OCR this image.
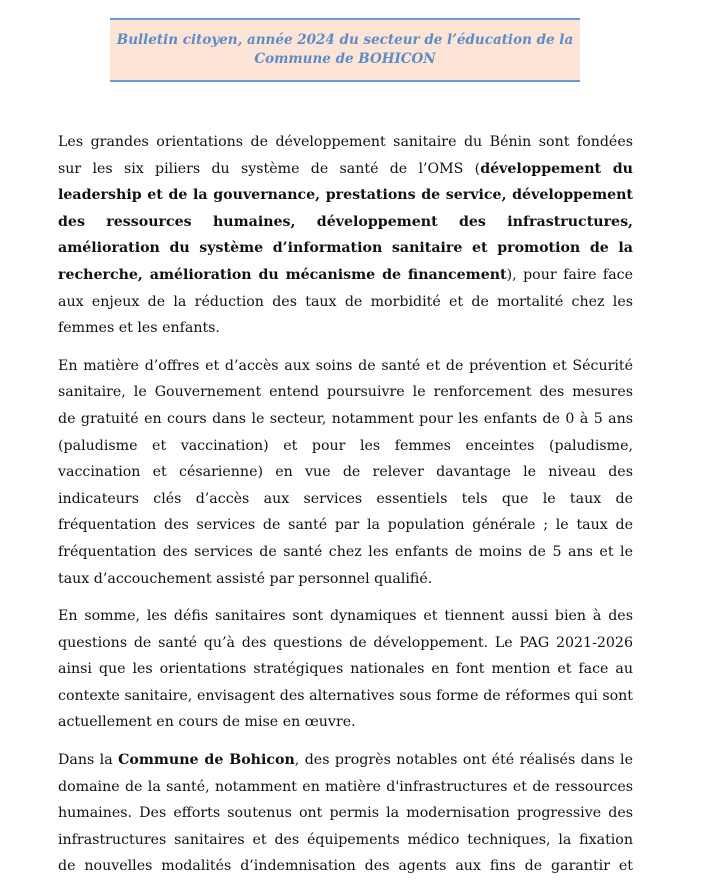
Bulletin citoyen, année 2024 du secteur de l’éducation de la
Commune de BOHICON
Les grandes orientations de développement sanitaire du Bénin sont fondées
sur les six piliers du système de santé de l’OMS (développement du
leadership et de la gouvernance, prestations de service, développement
des ressources humaines, développement des infrastructures,
amélioration du système d’information sanitaire et promotion de la
recherche, amélioration du mécanisme de financement), pour faire face
aux enjeux de la réduction des taux de morbidité et de mortalité chez les
femmes et les enfants.
En matière d’offres et d’accès aux soins de santé et de prévention et Sécurité
sanitaire, le Gouvernement entend poursuivre le renforcement des mesures
de gratuité en cours dans le secteur, notamment pour les enfants de 0 à 5 ans
(paludisme et vaccination) et pour les femmes enceintes (paludisme,
vaccination et césarienne) en vue de relever davantage le niveau des
indicateurs clés d’accès aux services essentiels tels que le taux de
fréquentation des services de santé par la population générale ; le taux de
fréquentation des services de santé chez les enfants de moins de 5 ans et le
taux d’accouchement assisté par personnel qualifié.
En somme, les défis sanitaires sont dynamiques et tiennent aussi bien à des
questions de santé qu’à des questions de développement. Le PAG 2021-2026
ainsi que les orientations stratégiques nationales en font mention et face au
contexte sanitaire, envisagent des alternatives sous forme de réformes qui sont
actuellement en cours de mise en œuvre.
Dans la Commune de Bohicon, des progrès notables ont été réalisés dans le
domaine de la santé, notamment en matière d'infrastructures et de ressources
humaines. Des efforts soutenus ont permis la modernisation progressive des
infrastructures sanitaires et des équipements médico techniques, la fixation
de nouvelles modalités d’indemnisation des agents aux fins de garantir et
